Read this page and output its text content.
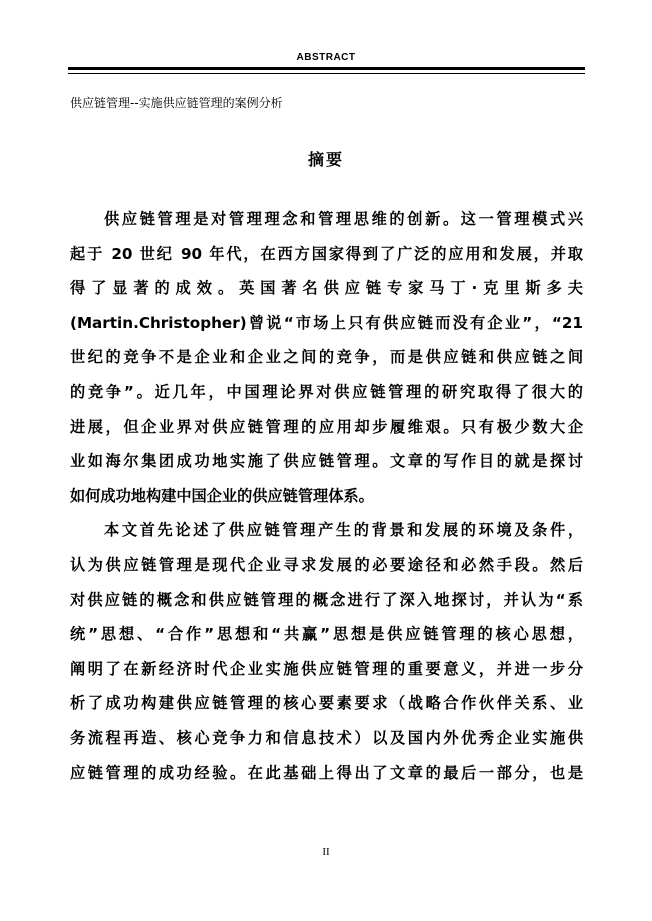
ABSTRACT
供应链管理--实施供应链管理的案例分析
摘要
供应链管理是对管理理念和管理思维的创新。这一管理模式兴
起于 20 世纪 90 年代，在西方国家得到了广泛的应用和发展，并取
得了显著的成效。英国著名供应链专家马丁·克里斯多夫
(Martin.Christopher)曾说“市场上只有供应链而没有企业”，“21
世纪的竞争不是企业和企业之间的竞争，而是供应链和供应链之间
的竞争”。近几年，中国理论界对供应链管理的研究取得了很大的
进展，但企业界对供应链管理的应用却步履维艰。只有极少数大企
业如海尔集团成功地实施了供应链管理。文章的写作目的就是探讨
如何成功地构建中国企业的供应链管理体系。
本文首先论述了供应链管理产生的背景和发展的环境及条件，
认为供应链管理是现代企业寻求发展的必要途径和必然手段。然后
对供应链的概念和供应链管理的概念进行了深入地探讨，并认为“系
统”思想、“合作”思想和“共赢”思想是供应链管理的核心思想，
阐明了在新经济时代企业实施供应链管理的重要意义，并进一步分
析了成功构建供应链管理的核心要素要求（战略合作伙伴关系、业
务流程再造、核心竞争力和信息技术）以及国内外优秀企业实施供
应链管理的成功经验。在此基础上得出了文章的最后一部分，也是
II
